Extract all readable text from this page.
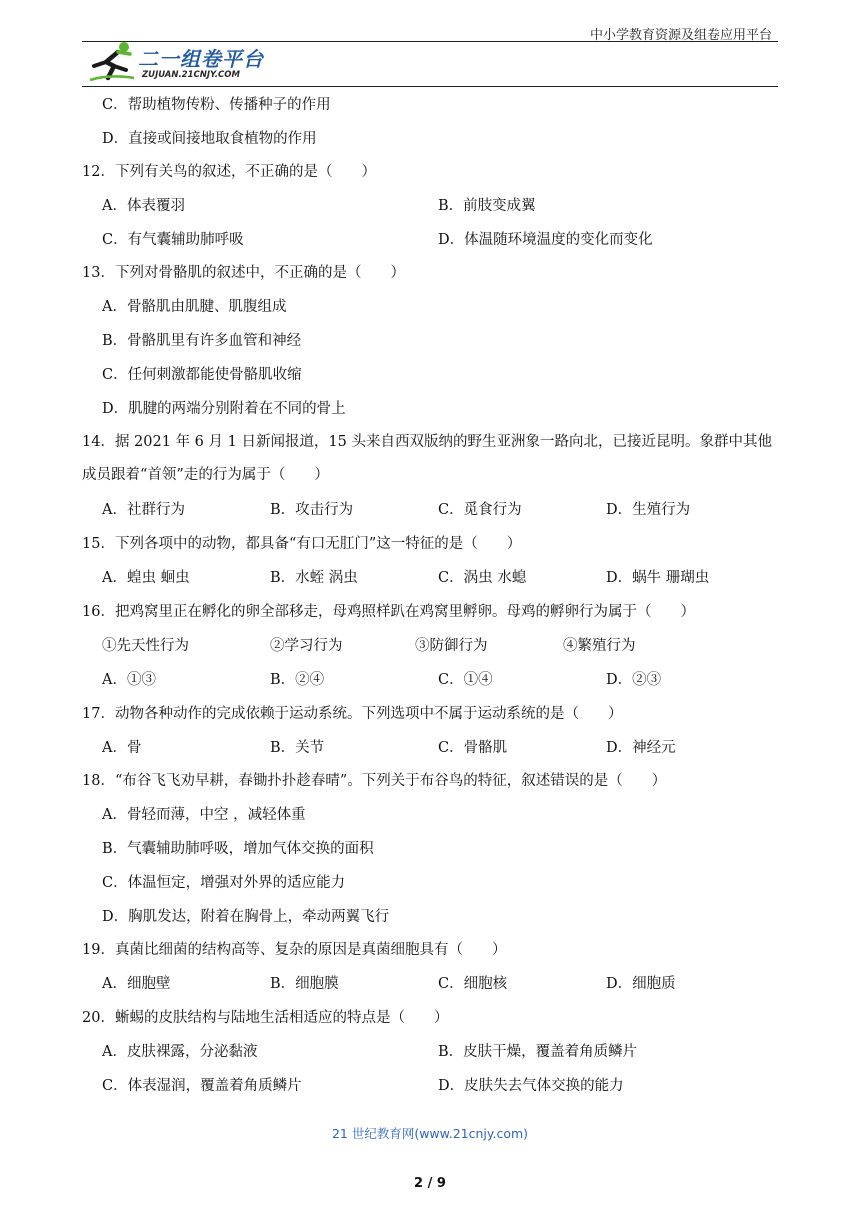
中小学教育资源及组卷应用平台
二一组卷平台
ZUJUAN.21CNJY.COM
C．帮助植物传粉、传播种子的作用
D．直接或间接地取食植物的作用
12．下列有关鸟的叙述，不正确的是（　　）
A．体表覆羽	B．前肢变成翼
C．有气囊辅助肺呼吸	D．体温随环境温度的变化而变化
13．下列对骨骼肌的叙述中，不正确的是（　　）
A．骨骼肌由肌腱、肌腹组成
B．骨骼肌里有许多血管和神经
C．任何刺激都能使骨骼肌收缩
D．肌腱的两端分别附着在不同的骨上
14．据 2021 年 6 月 1 日新闻报道，15 头来自西双版纳的野生亚洲象一路向北，已接近昆明。象群中其他成员跟着“首领”走的行为属于（　　）
A．社群行为	B．攻击行为	C．觅食行为	D．生殖行为
15．下列各项中的动物，都具备“有口无肛门”这一特征的是（　　）
A．蝗虫 蛔虫	B．水蛭 涡虫	C．涡虫 水螅	D．蜗牛 珊瑚虫
16．把鸡窝里正在孵化的卵全部移走，母鸡照样趴在鸡窝里孵卵。母鸡的孵卵行为属于（　　）
①先天性行为	②学习行为	③防御行为	④繁殖行为
A．①③	B．②④	C．①④	D．②③
17．动物各种动作的完成依赖于运动系统。下列选项中不属于运动系统的是（　　）
A．骨	B．关节	C．骨骼肌	D．神经元
18．“布谷飞飞劝早耕，春锄扑扑趁春晴”。下列关于布谷鸟的特征，叙述错误的是（　　）
A．骨轻而薄，中空 ，减轻体重
B．气囊辅助肺呼吸，增加气体交换的面积
C．体温恒定，增强对外界的适应能力
D．胸肌发达，附着在胸骨上，牵动两翼飞行
19．真菌比细菌的结构高等、复杂的原因是真菌细胞具有（　　）
A．细胞壁	B．细胞膜	C．细胞核	D．细胞质
20．蜥蜴的皮肤结构与陆地生活相适应的特点是（　　）
A．皮肤裸露，分泌黏液	B．皮肤干燥，覆盖着角质鳞片
C．体表湿润，覆盖着角质鳞片	D．皮肤失去气体交换的能力
21 世纪教育网(www.21cnjy.com)
2 / 9
